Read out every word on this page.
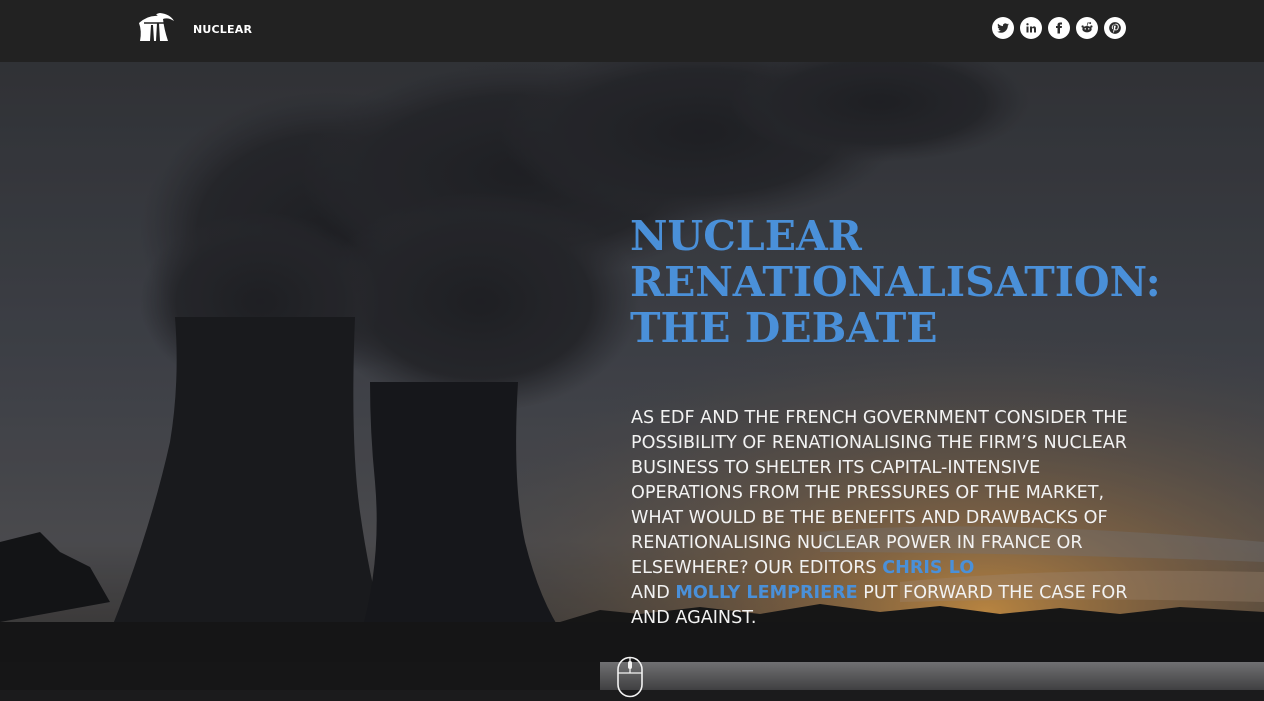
NUCLEAR
NUCLEAR
RENATIONALISATION:
THE DEBATE

AS EDF AND THE FRENCH GOVERNMENT CONSIDER THE POSSIBILITY OF RENATIONALISING THE FIRM’S NUCLEAR BUSINESS TO SHELTER ITS CAPITAL-INTENSIVE OPERATIONS FROM THE PRESSURES OF THE MARKET, WHAT WOULD BE THE BENEFITS AND DRAWBACKS OF RENATIONALISING NUCLEAR POWER IN FRANCE OR ELSEWHERE? OUR EDITORS CHRIS LO
AND MOLLY LEMPRIERE PUT FORWARD THE CASE FOR AND AGAINST.
